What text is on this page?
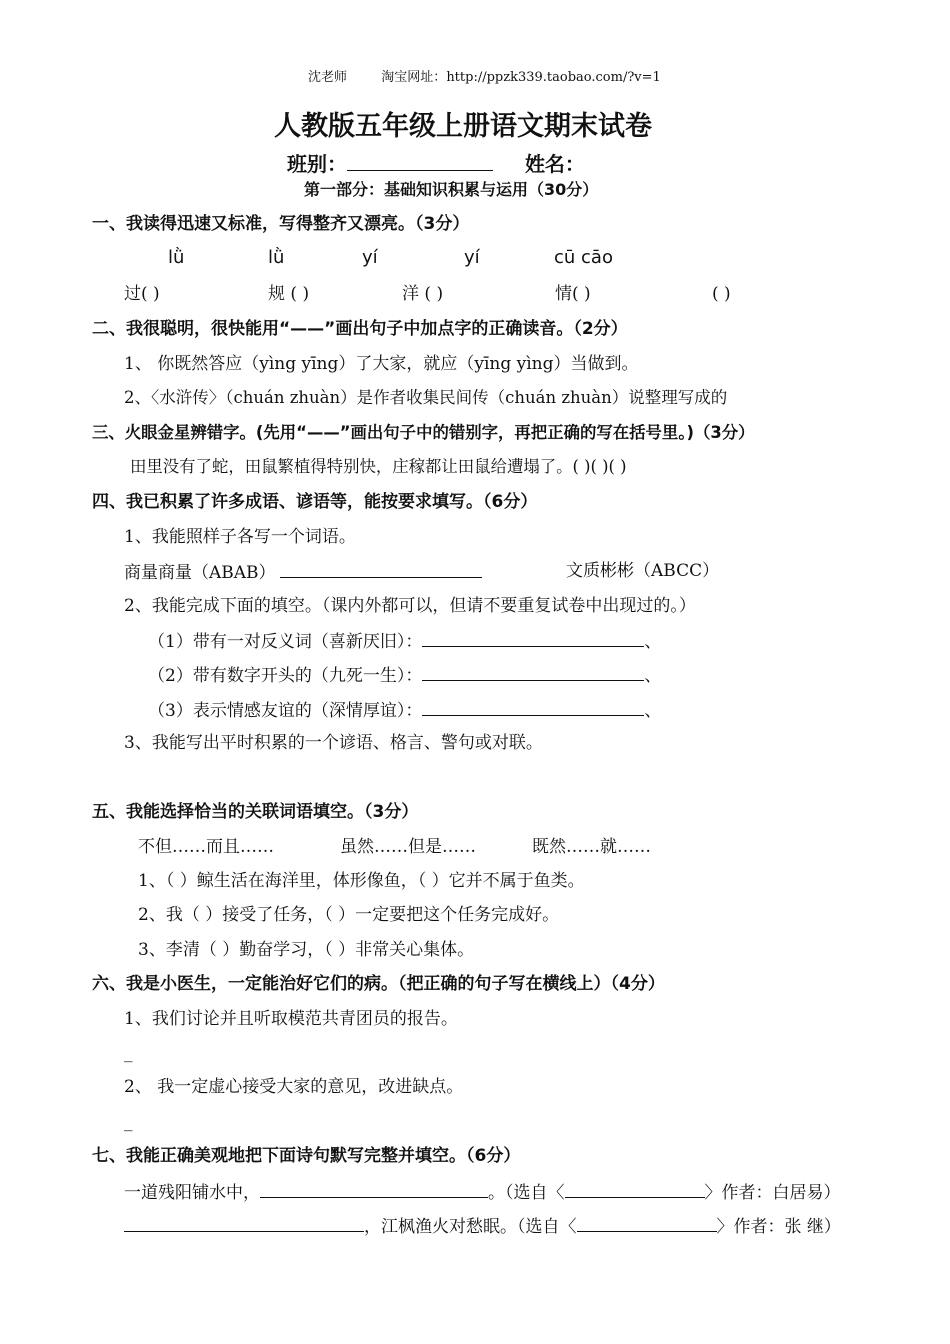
沈老师	淘宝网址：http://ppzk339.taobao.com/?v=1
人教版五年级上册语文期末试卷
班别：	姓名：
第一部分：基础知识积累与运用（30分）
一、我读得迅速又标准，写得整齐又漂亮。（3分）
lǜ	lǜ	yí	yí	cū cāo
过( )	规 ( )	洋 ( )	情( )	( )
二、我很聪明，很快能用“——”画出句子中加点字的正确读音。（2分）
1、 你既然答应（yìng yīng）了大家，就应（yīng yìng）当做到。
2、〈水浒传〉（chuán zhuàn）是作者收集民间传（chuán zhuàn）说整理写成的
三、火眼金星辨错字。(先用“——”画出句子中的错别字，再把正确的写在括号里。)（3分）
田里没有了蛇，田鼠繁植得特别快，庄稼都让田鼠给遭塌了。( )( )( )
四、我已积累了许多成语、谚语等，能按要求填写。（6分）
1、我能照样子各写一个词语。
商量商量（ABAB）	文质彬彬（ABCC）
2、我能完成下面的填空。（课内外都可以，但请不要重复试卷中出现过的。）
（1）带有一对反义词（喜新厌旧）：	、
（2）带有数字开头的（九死一生）：	、
（3）表示情感友谊的（深情厚谊）：	、
3、我能写出平时积累的一个谚语、格言、警句或对联。
五、我能选择恰当的关联词语填空。（3分）
不但……而且……	虽然……但是……	既然……就……
1、（ ）鲸生活在海洋里，体形像鱼，（ ）它并不属于鱼类。
2、我（ ）接受了任务，（ ）一定要把这个任务完成好。
3、李清（ ）勤奋学习，（ ）非常关心集体。
六、我是小医生，一定能治好它们的病。（把正确的句子写在横线上）（4分）
1、我们讨论并且听取模范共青团员的报告。
_
2、 我一定虚心接受大家的意见，改进缺点。
_
七、我能正确美观地把下面诗句默写完整并填空。（6分）
一道残阳铺水中，	。（选自〈	〉作者：白居易）
，江枫渔火对愁眠。（选自〈	〉作者：张 继）
